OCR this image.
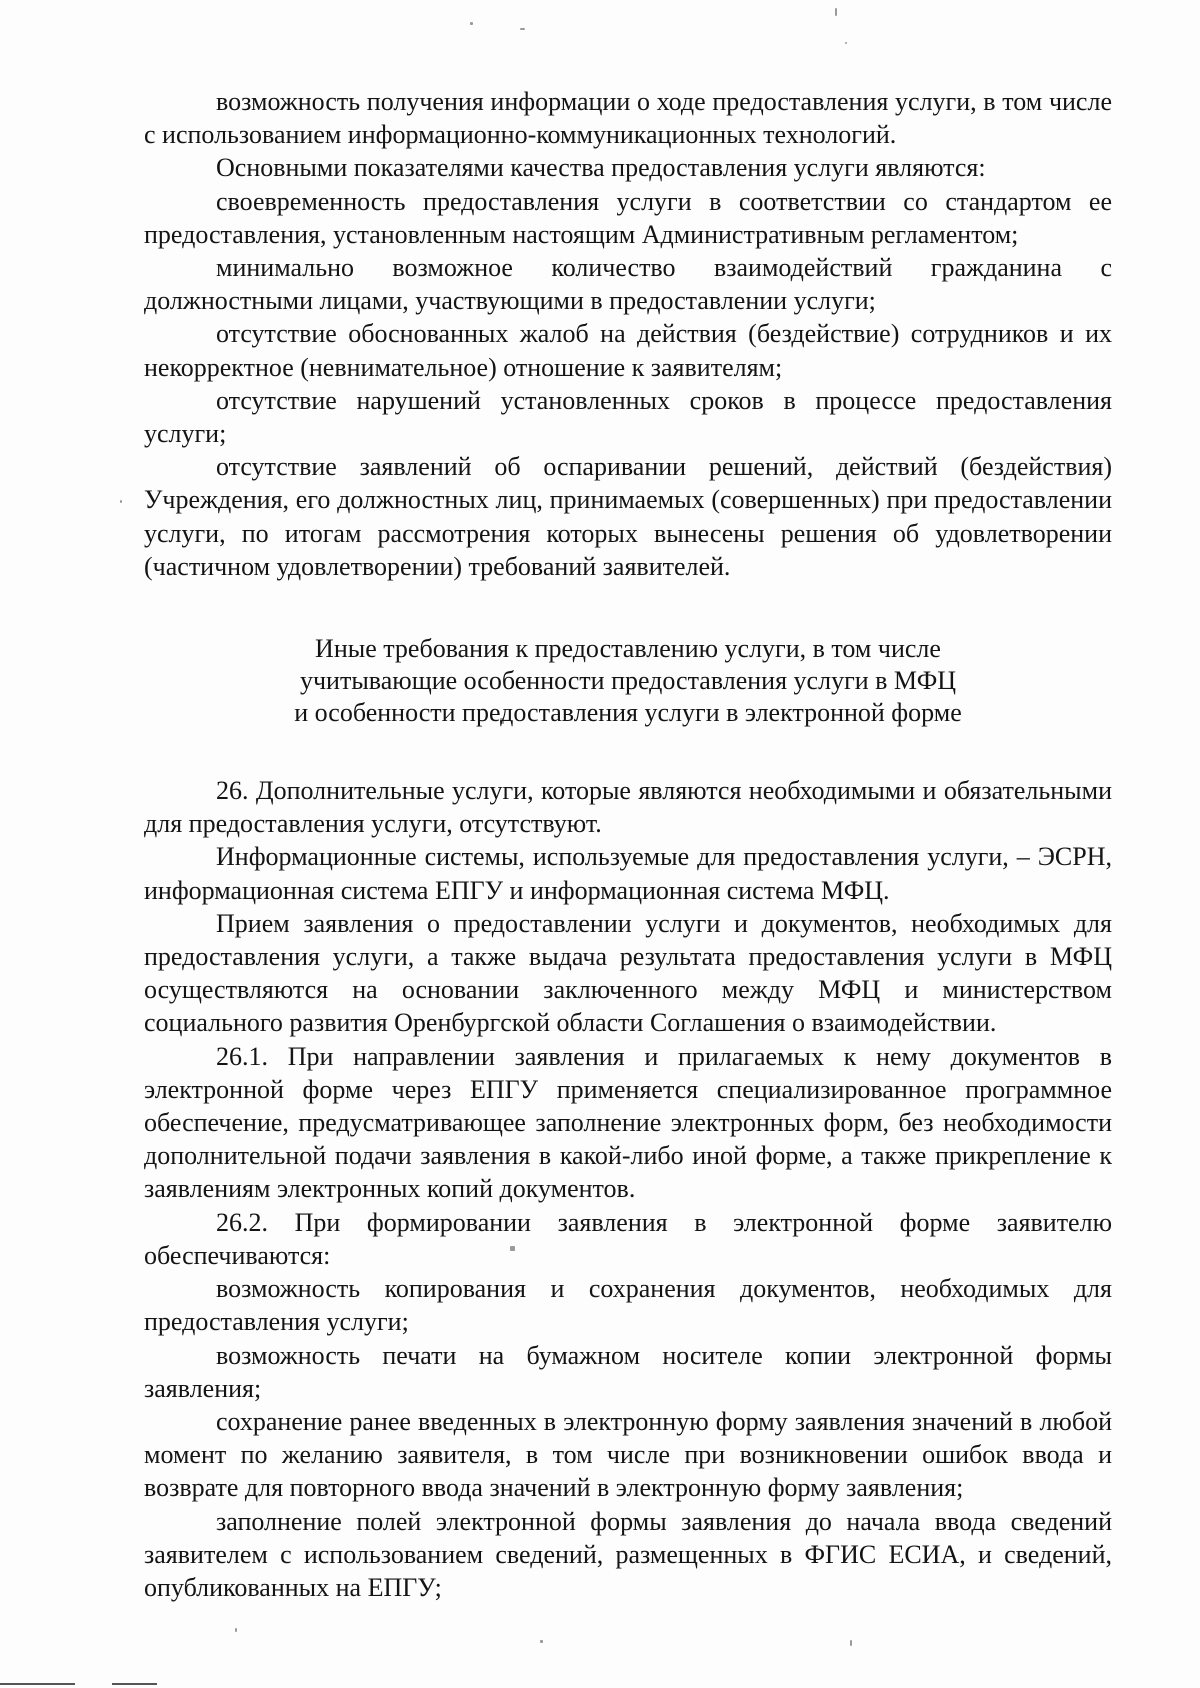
возможность получения информации о ходе предоставления услуги, в том числе с использованием информационно-коммуникационных технологий.

Основными показателями качества предоставления услуги являются:

своевременность предоставления услуги в соответствии со стандартом ее предоставления, установленным настоящим Административным регламентом;

минимально возможное количество взаимодействий гражданина с должностными лицами, участвующими в предоставлении услуги;

отсутствие обоснованных жалоб на действия (бездействие) сотрудников и их некорректное (невнимательное) отношение к заявителям;

отсутствие нарушений установленных сроков в процессе предоставления услуги;

отсутствие заявлений об оспаривании решений, действий (бездействия) Учреждения, его должностных лиц, принимаемых (совершенных) при предоставлении услуги, по итогам рассмотрения которых вынесены решения об удовлетворении (частичном удовлетворении) требований заявителей.

Иные требования к предоставлению услуги, в том числе
учитывающие особенности предоставления услуги в МФЦ
и особенности предоставления услуги в электронной форме

26. Дополнительные услуги, которые являются необходимыми и обязательными для предоставления услуги, отсутствуют.

Информационные системы, используемые для предоставления услуги, – ЭСРН, информационная система ЕПГУ и информационная система МФЦ.

Прием заявления о предоставлении услуги и документов, необходимых для предоставления услуги, а также выдача результата предоставления услуги в МФЦ осуществляются на основании заключенного между МФЦ и министерством социального развития Оренбургской области Соглашения о взаимодействии.

26.1. При направлении заявления и прилагаемых к нему документов в электронной форме через ЕПГУ применяется специализированное программное обеспечение, предусматривающее заполнение электронных форм, без необходимости дополнительной подачи заявления в какой-либо иной форме, а также прикрепление к заявлениям электронных копий документов.

26.2. При формировании заявления в электронной форме заявителю обеспечиваются:

возможность копирования и сохранения документов, необходимых для предоставления услуги;

возможность печати на бумажном носителе копии электронной формы заявления;

сохранение ранее введенных в электронную форму заявления значений в любой момент по желанию заявителя, в том числе при возникновении ошибок ввода и возврате для повторного ввода значений в электронную форму заявления;

заполнение полей электронной формы заявления до начала ввода сведений заявителем с использованием сведений, размещенных в ФГИС ЕСИА, и сведений, опубликованных на ЕПГУ;
